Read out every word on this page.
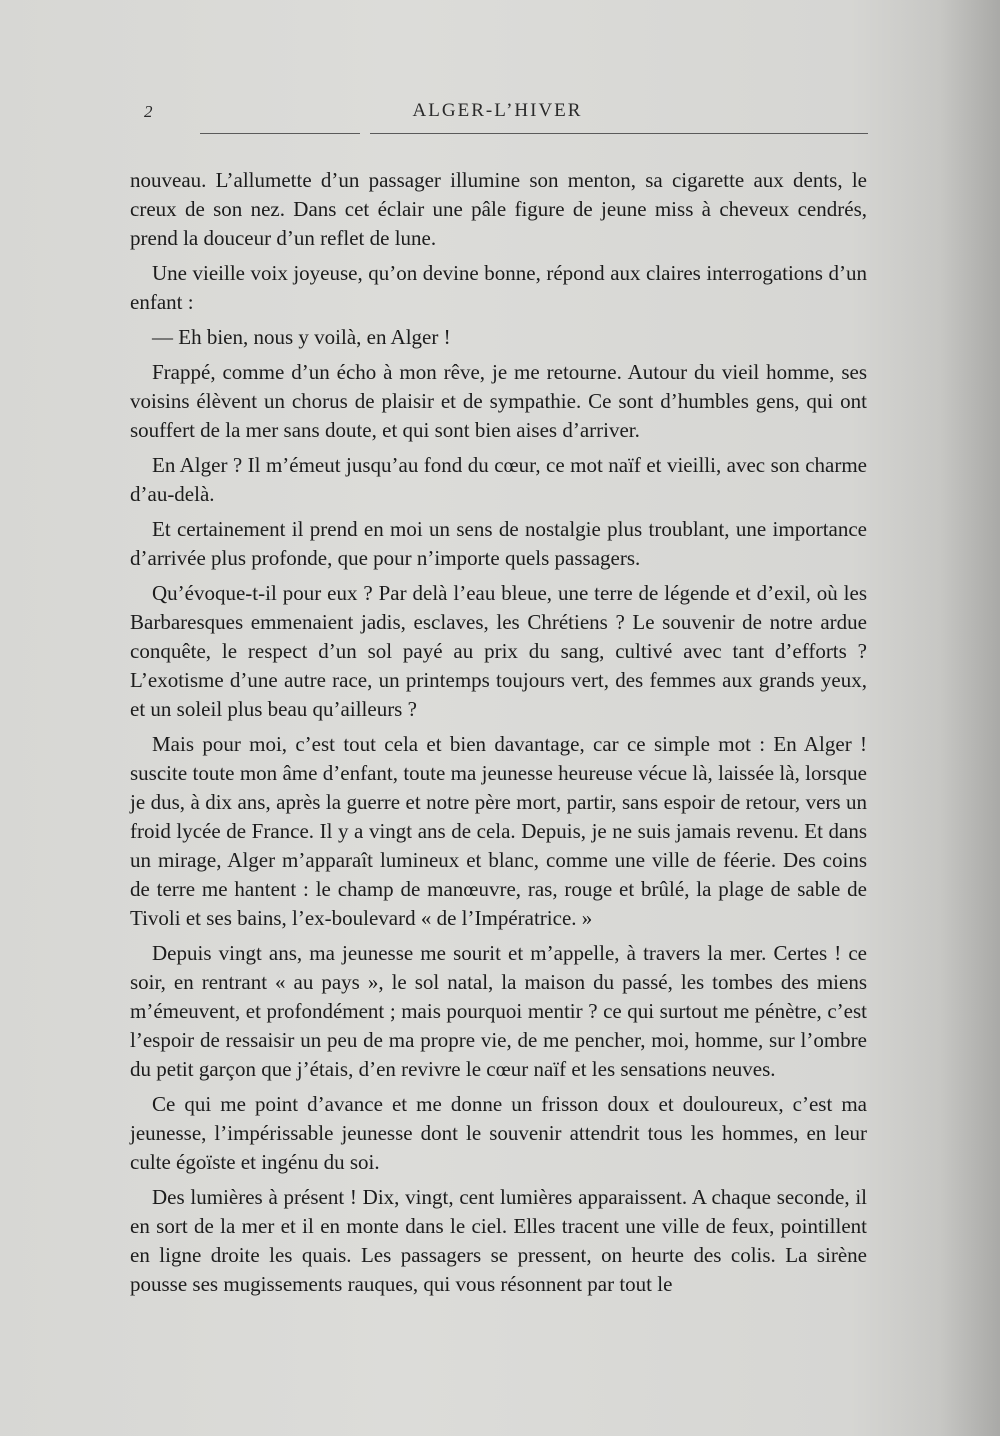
2	ALGER-L’HIVER

nouveau. L’allumette d’un passager illumine son menton, sa cigarette aux dents, le creux de son nez. Dans cet éclair une pâle figure de jeune miss à cheveux cendrés, prend la douceur d’un reflet de lune.

Une vieille voix joyeuse, qu’on devine bonne, répond aux claires interrogations d’un enfant :

— Eh bien, nous y voilà, en Alger !

Frappé, comme d’un écho à mon rêve, je me retourne. Autour du vieil homme, ses voisins élèvent un chorus de plaisir et de sympathie. Ce sont d’humbles gens, qui ont souffert de la mer sans doute, et qui sont bien aises d’arriver.

En Alger ? Il m’émeut jusqu’au fond du cœur, ce mot naïf et vieilli, avec son charme d’au-delà.

Et certainement il prend en moi un sens de nostalgie plus troublant, une importance d’arrivée plus profonde, que pour n’importe quels passagers.

Qu’évoque-t-il pour eux ? Par delà l’eau bleue, une terre de légende et d’exil, où les Barbaresques emmenaient jadis, esclaves, les Chrétiens ? Le souvenir de notre ardue conquête, le respect d’un sol payé au prix du sang, cultivé avec tant d’efforts ? L’exotisme d’une autre race, un printemps toujours vert, des femmes aux grands yeux, et un soleil plus beau qu’ailleurs ?

Mais pour moi, c’est tout cela et bien davantage, car ce simple mot : En Alger ! suscite toute mon âme d’enfant, toute ma jeunesse heureuse vécue là, laissée là, lorsque je dus, à dix ans, après la guerre et notre père mort, partir, sans espoir de retour, vers un froid lycée de France. Il y a vingt ans de cela. Depuis, je ne suis jamais revenu. Et dans un mirage, Alger m’apparaît lumineux et blanc, comme une ville de féerie. Des coins de terre me hantent : le champ de manœuvre, ras, rouge et brûlé, la plage de sable de Tivoli et ses bains, l’ex-boulevard « de l’Impératrice. »

Depuis vingt ans, ma jeunesse me sourit et m’appelle, à travers la mer. Certes ! ce soir, en rentrant « au pays », le sol natal, la maison du passé, les tombes des miens m’émeuvent, et profondément ; mais pourquoi mentir ? ce qui surtout me pénètre, c’est l’espoir de ressaisir un peu de ma propre vie, de me pencher, moi, homme, sur l’ombre du petit garçon que j’étais, d’en revivre le cœur naïf et les sensations neuves.

Ce qui me point d’avance et me donne un frisson doux et douloureux, c’est ma jeunesse, l’impérissable jeunesse dont le souvenir attendrit tous les hommes, en leur culte égoïste et ingénu du soi.

Des lumières à présent ! Dix, vingt, cent lumières apparaissent. A chaque seconde, il en sort de la mer et il en monte dans le ciel. Elles tracent une ville de feux, pointillent en ligne droite les quais. Les passagers se pressent, on heurte des colis. La sirène pousse ses mugissements rauques, qui vous résonnent par tout le
